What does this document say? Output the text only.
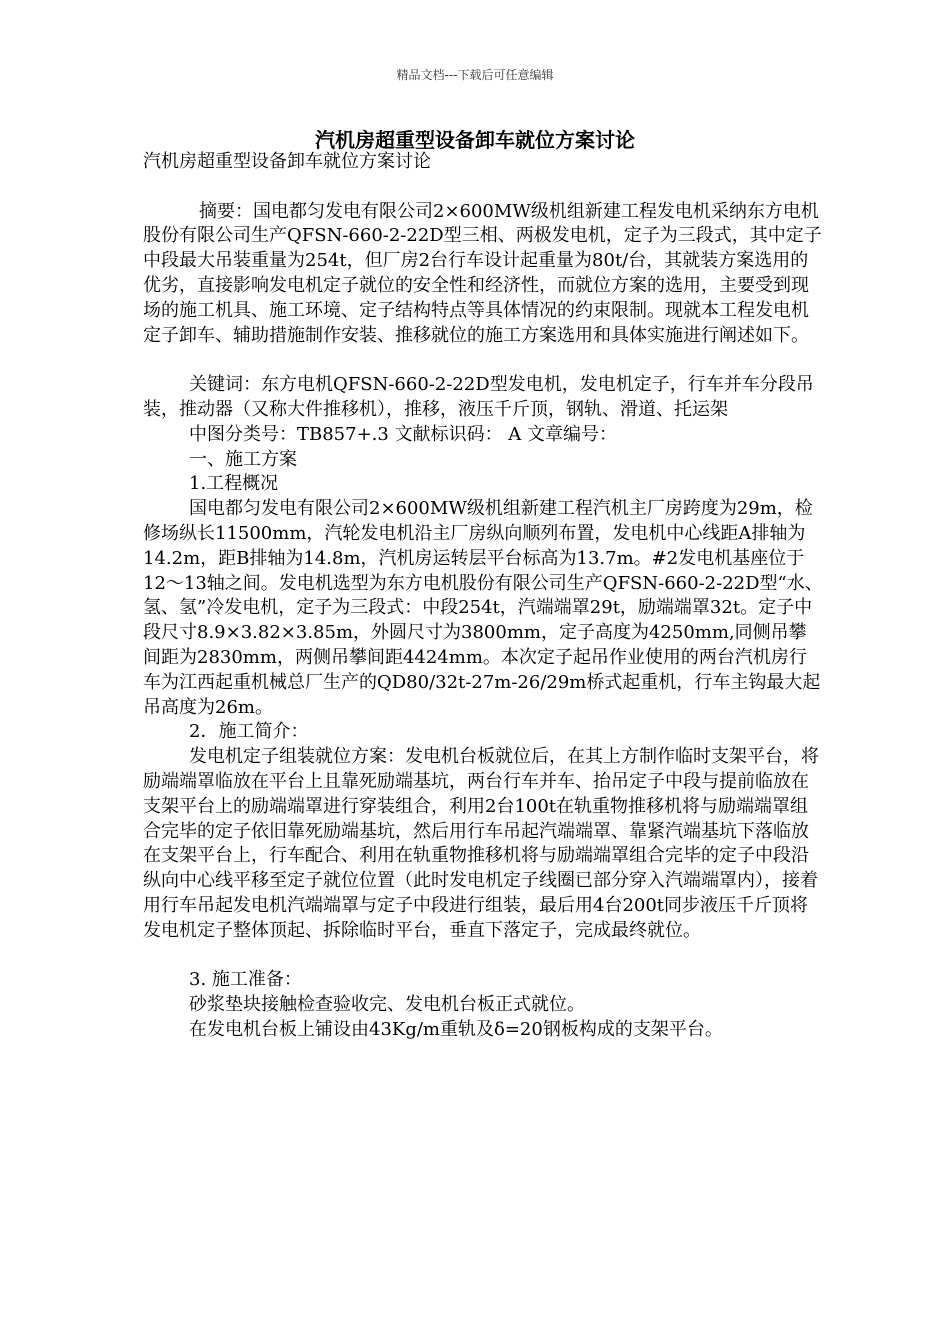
精品文档---下载后可任意编辑
汽机房超重型设备卸车就位方案讨论

汽机房超重型设备卸车就位方案讨论

摘要：国电都匀发电有限公司2×600MW级机组新建工程发电机采纳东方电机股份有限公司生产QFSN-660-2-22D型三相、两极发电机，定子为三段式，其中定子中段最大吊装重量为254t，但厂房2台行车设计起重量为80t/台，其就装方案选用的优劣，直接影响发电机定子就位的安全性和经济性，而就位方案的选用，主要受到现场的施工机具、施工环境、定子结构特点等具体情况的约束限制。现就本工程发电机定子卸车、辅助措施制作安装、推移就位的施工方案选用和具体实施进行阐述如下。

关键词：东方电机QFSN-660-2-22D型发电机，发电机定子，行车并车分段吊装，推动器（又称大件推移机），推移，液压千斤顶，钢轨、滑道、托运架

中图分类号：TB857+.3 文献标识码： A 文章编号：

一、施工方案

1.工程概况

国电都匀发电有限公司2×600MW级机组新建工程汽机主厂房跨度为29m，检修场纵长11500mm，汽轮发电机沿主厂房纵向顺列布置，发电机中心线距A排轴为14.2m，距B排轴为14.8m，汽机房运转层平台标高为13.7m。#2发电机基座位于12～13轴之间。发电机选型为东方电机股份有限公司生产QFSN-660-2-22D型“水、氢、氢”冷发电机，定子为三段式：中段254t，汽端端罩29t，励端端罩32t。定子中段尺寸8.9×3.82×3.85m，外圆尺寸为3800mm，定子高度为4250mm,同侧吊攀间距为2830mm，两侧吊攀间距4424mm。本次定子起吊作业使用的两台汽机房行车为江西起重机械总厂生产的QD80/32t-27m-26/29m桥式起重机，行车主钩最大起吊高度为26m。

2．施工简介：

发电机定子组装就位方案：发电机台板就位后，在其上方制作临时支架平台，将励端端罩临放在平台上且靠死励端基坑，两台行车并车、抬吊定子中段与提前临放在支架平台上的励端端罩进行穿装组合，利用2台100t在轨重物推移机将与励端端罩组合完毕的定子依旧靠死励端基坑，然后用行车吊起汽端端罩、靠紧汽端基坑下落临放在支架平台上，行车配合、利用在轨重物推移机将与励端端罩组合完毕的定子中段沿纵向中心线平移至定子就位位置（此时发电机定子线圈已部分穿入汽端端罩内），接着用行车吊起发电机汽端端罩与定子中段进行组装，最后用4台200t同步液压千斤顶将发电机定子整体顶起、拆除临时平台，垂直下落定子，完成最终就位。

3. 施工准备：

砂浆垫块接触检查验收完、发电机台板正式就位。

在发电机台板上铺设由43Kg/m重轨及δ=20钢板构成的支架平台。
